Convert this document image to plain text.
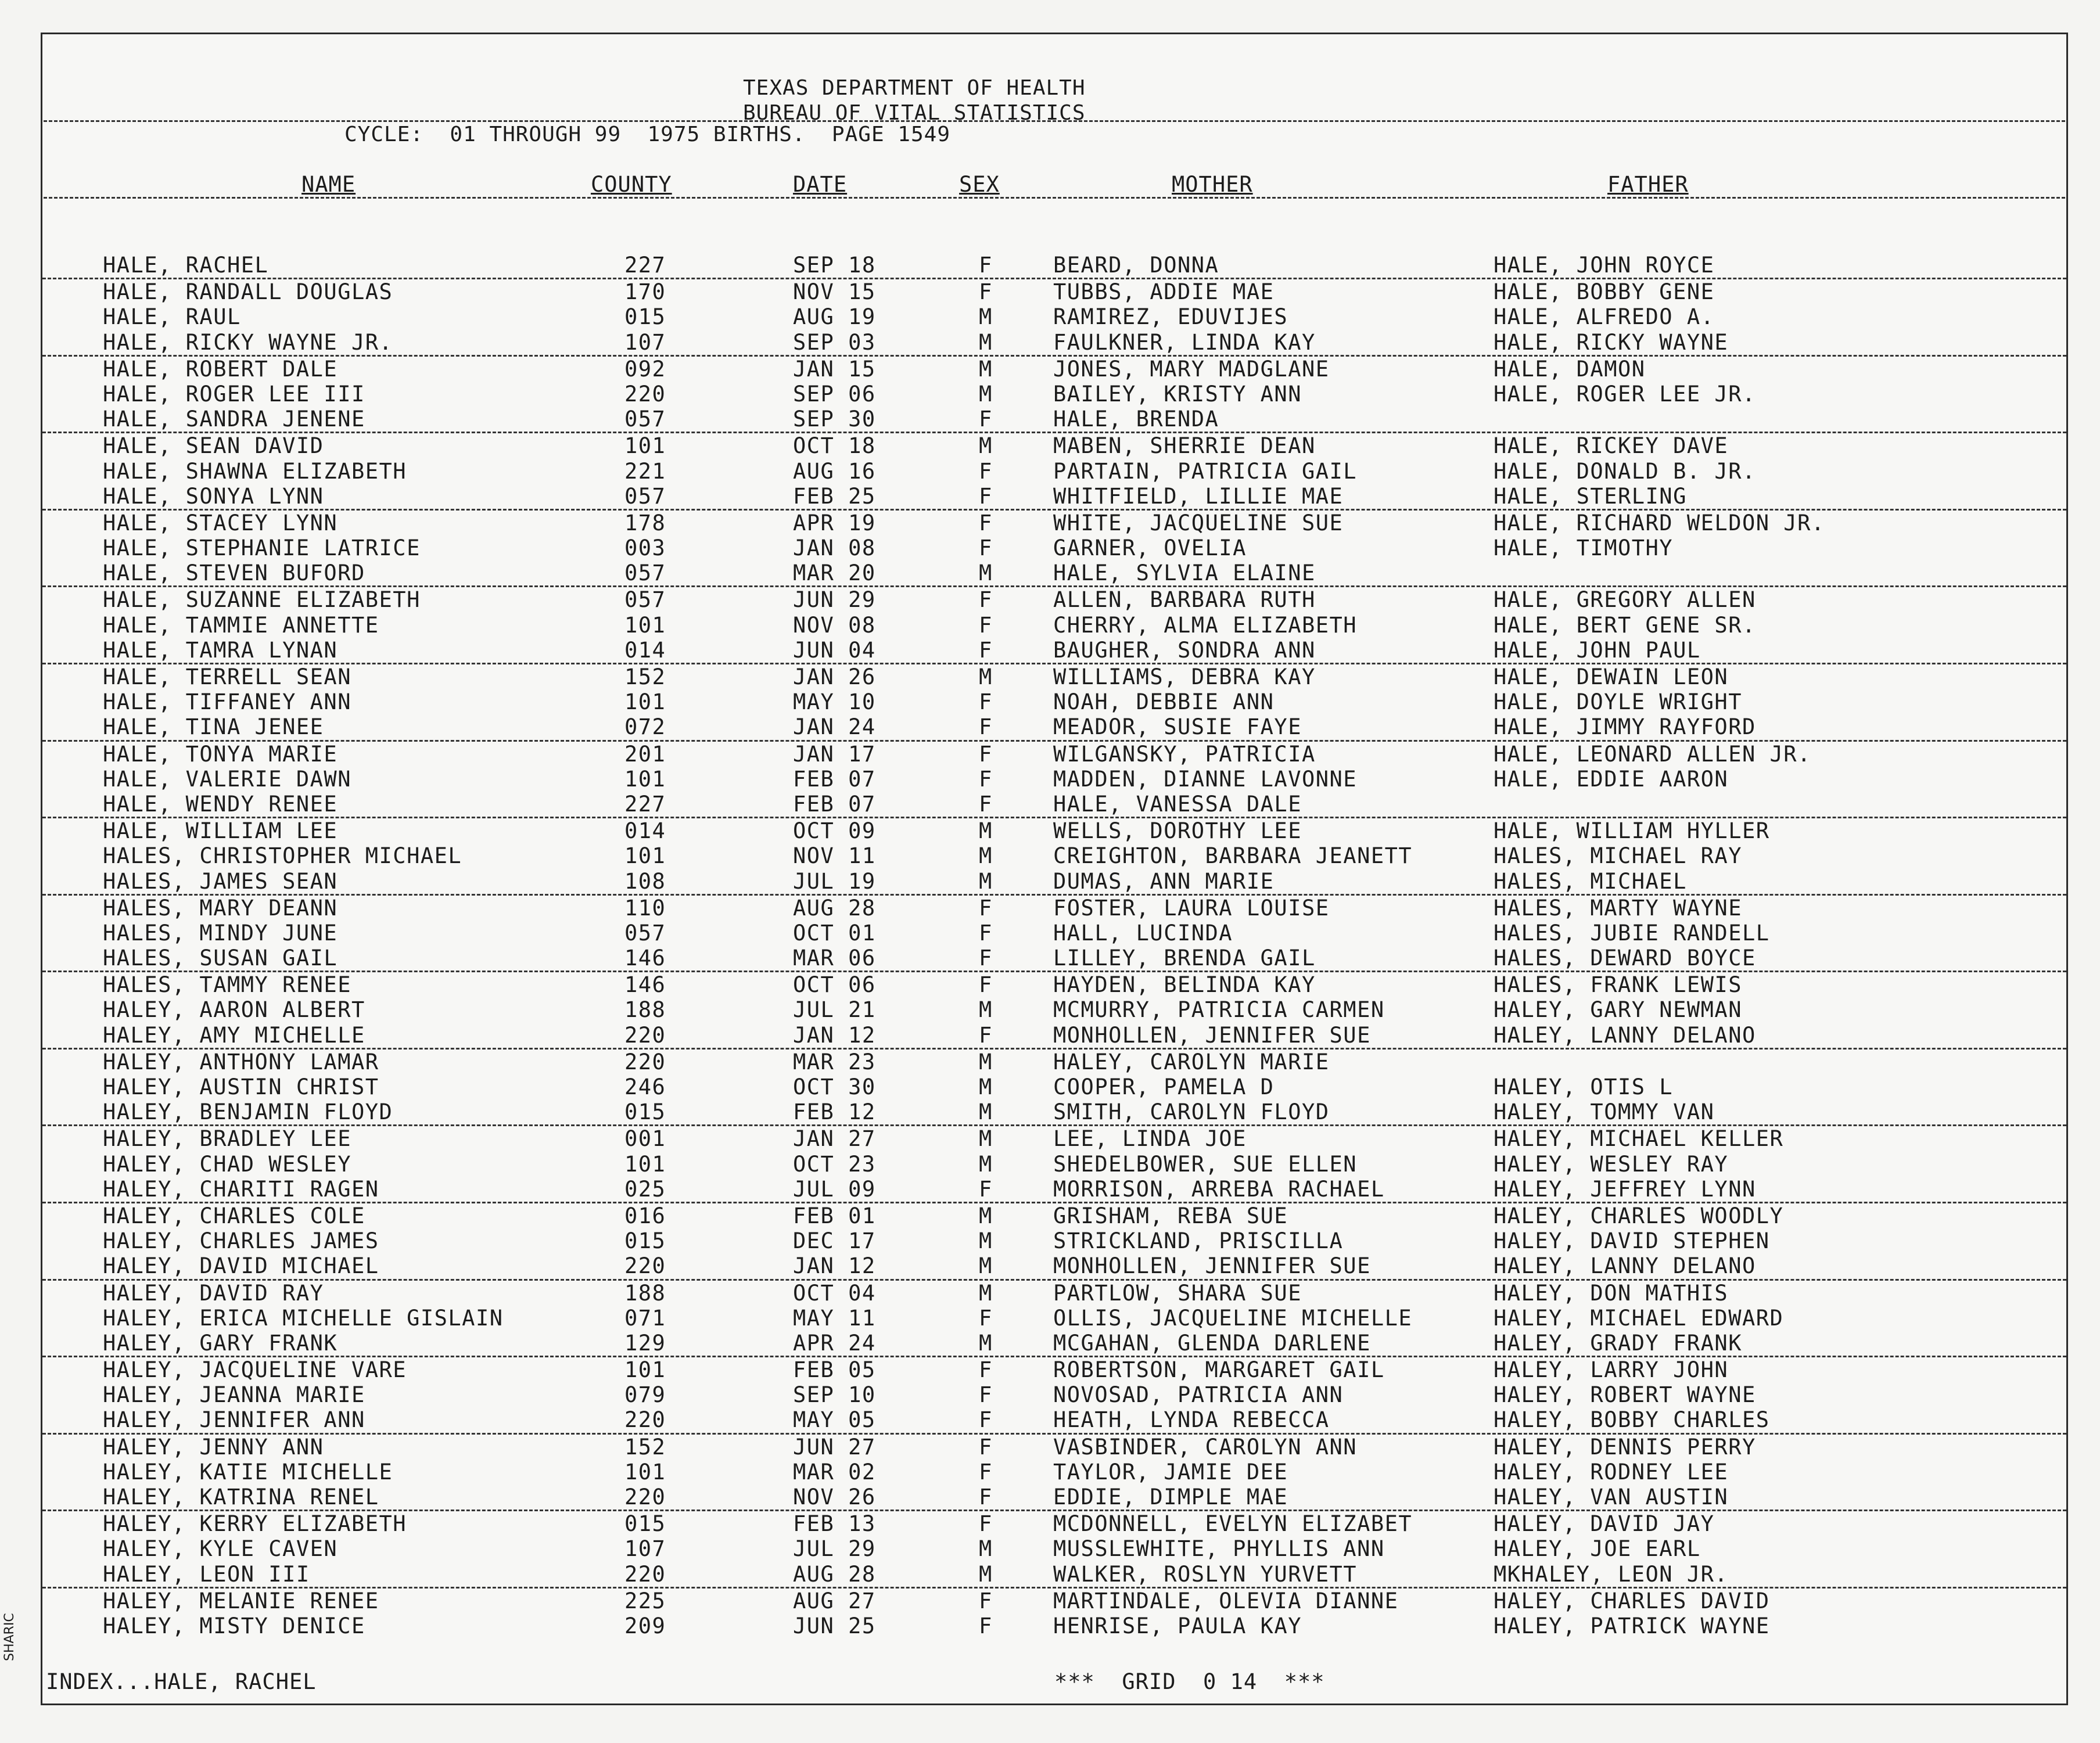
TEXAS DEPARTMENT OF HEALTH
BUREAU OF VITAL STATISTICS
CYCLE:  01 THROUGH 99  1975 BIRTHS.  PAGE 1549
NAME	COUNTY	DATE	SEX	MOTHER	FATHER
HALE, RACHEL	227	SEP 18	F	BEARD, DONNA	HALE, JOHN ROYCE
HALE, RANDALL DOUGLAS	170	NOV 15	F	TUBBS, ADDIE MAE	HALE, BOBBY GENE
HALE, RAUL	015	AUG 19	M	RAMIREZ, EDUVIJES	HALE, ALFREDO A.
HALE, RICKY WAYNE JR.	107	SEP 03	M	FAULKNER, LINDA KAY	HALE, RICKY WAYNE
HALE, ROBERT DALE	092	JAN 15	M	JONES, MARY MADGLANE	HALE, DAMON
HALE, ROGER LEE III	220	SEP 06	M	BAILEY, KRISTY ANN	HALE, ROGER LEE JR.
HALE, SANDRA JENENE	057	SEP 30	F	HALE, BRENDA
HALE, SEAN DAVID	101	OCT 18	M	MABEN, SHERRIE DEAN	HALE, RICKEY DAVE
HALE, SHAWNA ELIZABETH	221	AUG 16	F	PARTAIN, PATRICIA GAIL	HALE, DONALD B. JR.
HALE, SONYA LYNN	057	FEB 25	F	WHITFIELD, LILLIE MAE	HALE, STERLING
HALE, STACEY LYNN	178	APR 19	F	WHITE, JACQUELINE SUE	HALE, RICHARD WELDON JR.
HALE, STEPHANIE LATRICE	003	JAN 08	F	GARNER, OVELIA	HALE, TIMOTHY
HALE, STEVEN BUFORD	057	MAR 20	M	HALE, SYLVIA ELAINE
HALE, SUZANNE ELIZABETH	057	JUN 29	F	ALLEN, BARBARA RUTH	HALE, GREGORY ALLEN
HALE, TAMMIE ANNETTE	101	NOV 08	F	CHERRY, ALMA ELIZABETH	HALE, BERT GENE SR.
HALE, TAMRA LYNAN	014	JUN 04	F	BAUGHER, SONDRA ANN	HALE, JOHN PAUL
HALE, TERRELL SEAN	152	JAN 26	M	WILLIAMS, DEBRA KAY	HALE, DEWAIN LEON
HALE, TIFFANEY ANN	101	MAY 10	F	NOAH, DEBBIE ANN	HALE, DOYLE WRIGHT
HALE, TINA JENEE	072	JAN 24	F	MEADOR, SUSIE FAYE	HALE, JIMMY RAYFORD
HALE, TONYA MARIE	201	JAN 17	F	WILGANSKY, PATRICIA	HALE, LEONARD ALLEN JR.
HALE, VALERIE DAWN	101	FEB 07	F	MADDEN, DIANNE LAVONNE	HALE, EDDIE AARON
HALE, WENDY RENEE	227	FEB 07	F	HALE, VANESSA DALE
HALE, WILLIAM LEE	014	OCT 09	M	WELLS, DOROTHY LEE	HALE, WILLIAM HYLLER
HALES, CHRISTOPHER MICHAEL	101	NOV 11	M	CREIGHTON, BARBARA JEANETT	HALES, MICHAEL RAY
HALES, JAMES SEAN	108	JUL 19	M	DUMAS, ANN MARIE	HALES, MICHAEL
HALES, MARY DEANN	110	AUG 28	F	FOSTER, LAURA LOUISE	HALES, MARTY WAYNE
HALES, MINDY JUNE	057	OCT 01	F	HALL, LUCINDA	HALES, JUBIE RANDELL
HALES, SUSAN GAIL	146	MAR 06	F	LILLEY, BRENDA GAIL	HALES, DEWARD BOYCE
HALES, TAMMY RENEE	146	OCT 06	F	HAYDEN, BELINDA KAY	HALES, FRANK LEWIS
HALEY, AARON ALBERT	188	JUL 21	M	MCMURRY, PATRICIA CARMEN	HALEY, GARY NEWMAN
HALEY, AMY MICHELLE	220	JAN 12	F	MONHOLLEN, JENNIFER SUE	HALEY, LANNY DELANO
HALEY, ANTHONY LAMAR	220	MAR 23	M	HALEY, CAROLYN MARIE
HALEY, AUSTIN CHRIST	246	OCT 30	M	COOPER, PAMELA D	HALEY, OTIS L
HALEY, BENJAMIN FLOYD	015	FEB 12	M	SMITH, CAROLYN FLOYD	HALEY, TOMMY VAN
HALEY, BRADLEY LEE	001	JAN 27	M	LEE, LINDA JOE	HALEY, MICHAEL KELLER
HALEY, CHAD WESLEY	101	OCT 23	M	SHEDELBOWER, SUE ELLEN	HALEY, WESLEY RAY
HALEY, CHARITI RAGEN	025	JUL 09	F	MORRISON, ARREBA RACHAEL	HALEY, JEFFREY LYNN
HALEY, CHARLES COLE	016	FEB 01	M	GRISHAM, REBA SUE	HALEY, CHARLES WOODLY
HALEY, CHARLES JAMES	015	DEC 17	M	STRICKLAND, PRISCILLA	HALEY, DAVID STEPHEN
HALEY, DAVID MICHAEL	220	JAN 12	M	MONHOLLEN, JENNIFER SUE	HALEY, LANNY DELANO
HALEY, DAVID RAY	188	OCT 04	M	PARTLOW, SHARA SUE	HALEY, DON MATHIS
HALEY, ERICA MICHELLE GISLAIN	071	MAY 11	F	OLLIS, JACQUELINE MICHELLE	HALEY, MICHAEL EDWARD
HALEY, GARY FRANK	129	APR 24	M	MCGAHAN, GLENDA DARLENE	HALEY, GRADY FRANK
HALEY, JACQUELINE VARE	101	FEB 05	F	ROBERTSON, MARGARET GAIL	HALEY, LARRY JOHN
HALEY, JEANNA MARIE	079	SEP 10	F	NOVOSAD, PATRICIA ANN	HALEY, ROBERT WAYNE
HALEY, JENNIFER ANN	220	MAY 05	F	HEATH, LYNDA REBECCA	HALEY, BOBBY CHARLES
HALEY, JENNY ANN	152	JUN 27	F	VASBINDER, CAROLYN ANN	HALEY, DENNIS PERRY
HALEY, KATIE MICHELLE	101	MAR 02	F	TAYLOR, JAMIE DEE	HALEY, RODNEY LEE
HALEY, KATRINA RENEL	220	NOV 26	F	EDDIE, DIMPLE MAE	HALEY, VAN AUSTIN
HALEY, KERRY ELIZABETH	015	FEB 13	F	MCDONNELL, EVELYN ELIZABET	HALEY, DAVID JAY
HALEY, KYLE CAVEN	107	JUL 29	M	MUSSLEWHITE, PHYLLIS ANN	HALEY, JOE EARL
HALEY, LEON III	220	AUG 28	M	WALKER, ROSLYN YURVETT	MKHALEY, LEON JR.
HALEY, MELANIE RENEE	225	AUG 27	F	MARTINDALE, OLEVIA DIANNE	HALEY, CHARLES DAVID
HALEY, MISTY DENICE	209	JUN 25	F	HENRISE, PAULA KAY	HALEY, PATRICK WAYNE
INDEX...HALE, RACHEL	***  GRID  0 14  ***
SHARIC
